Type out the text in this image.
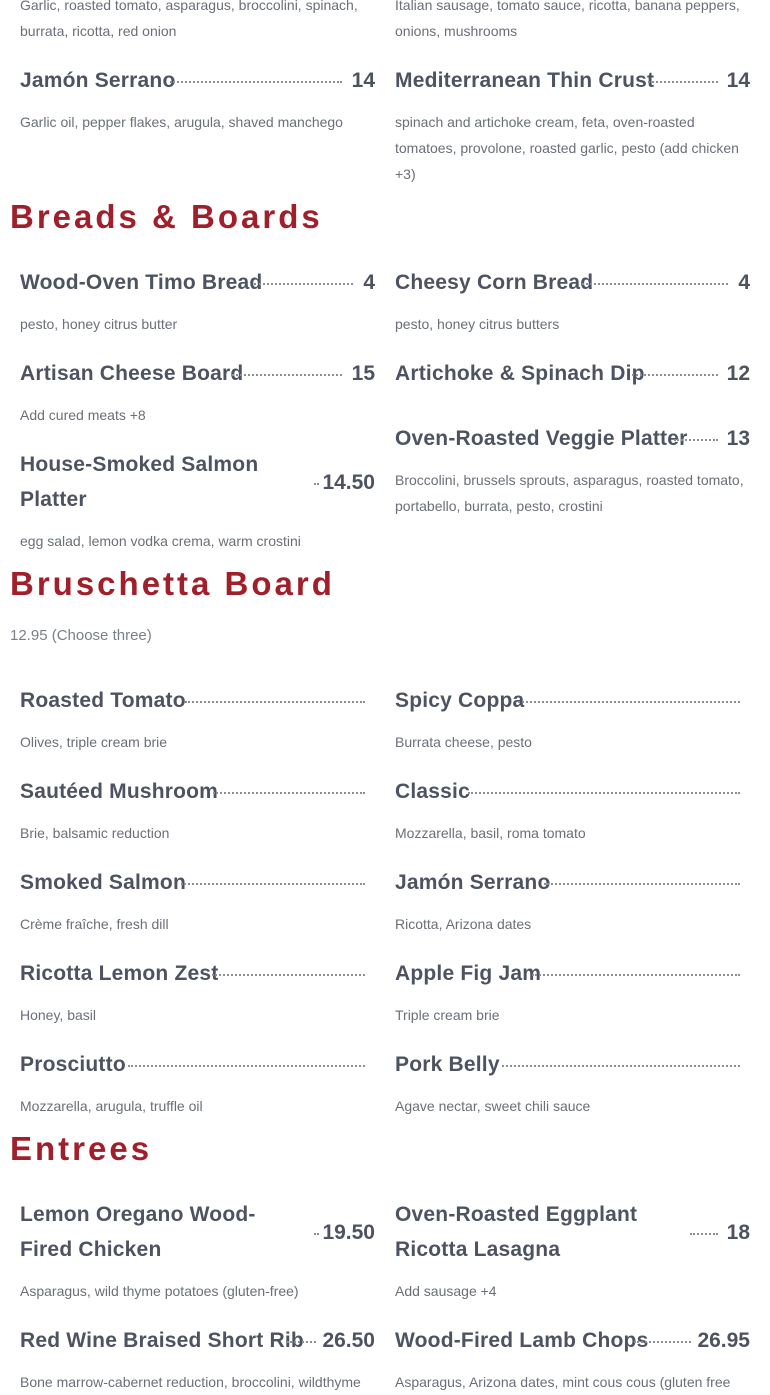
Garlic, roasted tomato, asparagus, broccolini, spinach, burrata, ricotta, red onion
Italian sausage, tomato sauce, ricotta, banana peppers, onions, mushrooms
Jamón Serrano	14
Garlic oil, pepper flakes, arugula, shaved manchego
Mediterranean Thin Crust	14
spinach and artichoke cream, feta, oven-roasted tomatoes, provolone, roasted garlic, pesto (add chicken +3)
Breads & Boards
Wood-Oven Timo Bread	4
pesto, honey citrus butter
Cheesy Corn Bread	4
pesto, honey citrus butters
Artisan Cheese Board	15
Add cured meats +8
Artichoke & Spinach Dip	12
Oven-Roasted Veggie Platter 13
Broccolini, brussels sprouts, asparagus, roasted tomato, portabello, burrata, pesto, crostini
House-Smoked Salmon Platter
14.50
egg salad, lemon vodka crema, warm crostini
Bruschetta Board
12.95 (Choose three)
Roasted Tomato
Olives, triple cream brie
Spicy Coppa
Burrata cheese, pesto
Sautéed Mushroom
Brie, balsamic reduction
Classic
Mozzarella, basil, roma tomato
Smoked Salmon
Crème fraîche, fresh dill
Jamón Serrano
Ricotta, Arizona dates
Ricotta Lemon Zest
Honey, basil
Apple Fig Jam
Triple cream brie
Prosciutto
Mozzarella, arugula, truffle oil
Pork Belly
Agave nectar, sweet chili sauce
Entrees
Lemon Oregano Wood-Fired Chicken
19.50
Asparagus, wild thyme potatoes (gluten-free)
Oven-Roasted Eggplant Ricotta Lasagna
18
Add sausage +4
Red Wine Braised Short Rib 26.50
Bone marrow-cabernet reduction, broccolini, wildthyme
Wood-Fired Lamb Chops 26.95
Asparagus, Arizona dates, mint cous cous (gluten free
